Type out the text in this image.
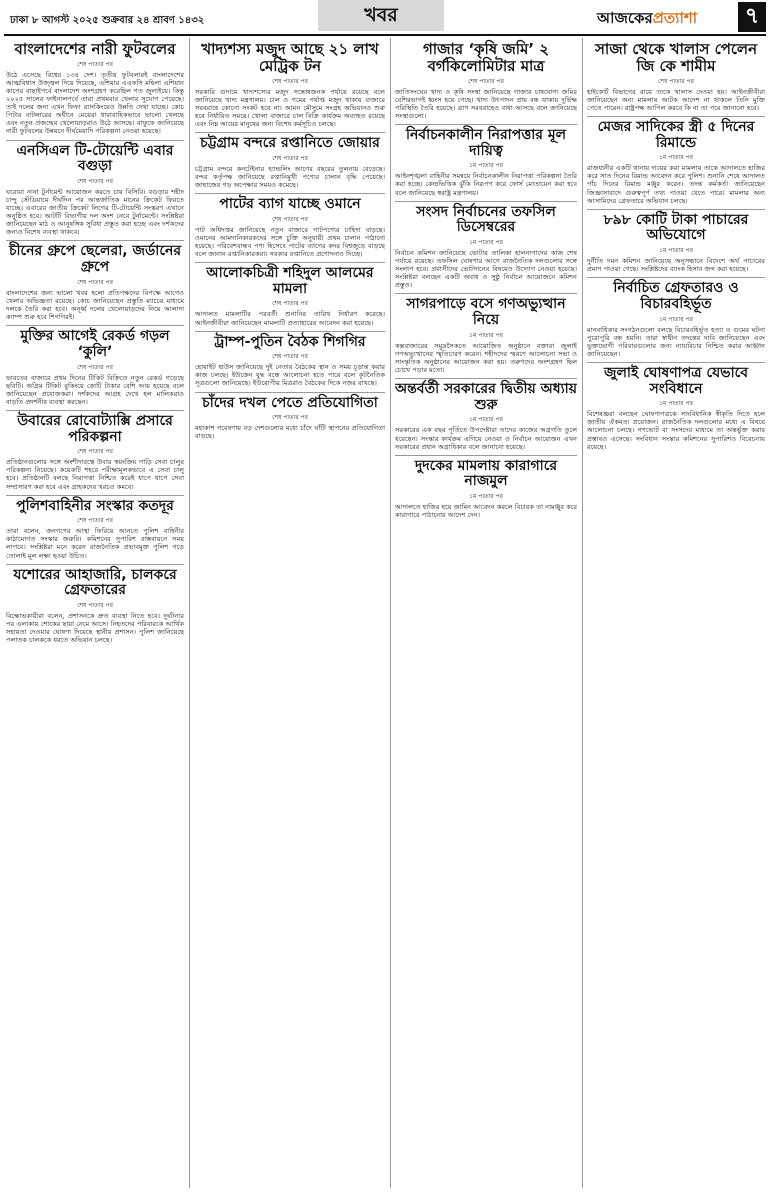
ঢাকা ৮ আগস্ট ২০২৫ শুক্রবার ২৪ শ্রাবণ ১৪৩২	খবর	আজকেরপ্রত্যাশা	৭
বাংলাদেশের নারী ফুটবলের
শেষ পাতার পর
উঠে এসেছে বিশ্বের ১৩৪ দেশ। তৃতীয় ফুটবলারই বাংলাদেশের আত্মবিশ্বাস উজ্জ্বল দিয়ে দিয়েছে, এশিয়ার এএফসি মহিলা এশিয়ান কাপের বাছাইপর্বে বাংলাদেশ অংশগ্রহণ করেছিল গত জুলাইয়ে। কিন্তু ২০২৫ সালের ফাইনালপর্বে তারা প্রথমবার খেলার সুযোগ পেয়েছে। তাই দলের জন্য এখন ফিফা র‍্যাংকিংয়েও উন্নতি দেখা যাচ্ছে। কোচ পিটার বাটলারের অধীনে মেয়েরা ধারাবাহিকভাবে ভালো খেলছে এবং নতুন প্রজন্মের খেলোয়াড়রাও উঠে আসছে। বাফুফে জানিয়েছে নারী ফুটবলের উন্নয়নে দীর্ঘমেয়াদি পরিকল্পনা নেওয়া হয়েছে।
এনসিএল টি-টোয়েন্টি এবার বগুড়া
শেষ পাতার পর
ঘরোয়া নানা টুর্নামেন্ট আয়োজন করতে চায় বিসিবি। বগুড়ার শহীদ চান্দু স্টেডিয়ামে দীর্ঘদিন পর আন্তর্জাতিক মানের ক্রিকেট ফিরতে যাচ্ছে। এবারের জাতীয় ক্রিকেট লিগের টি-টোয়েন্টি সংস্করণ এখানে অনুষ্ঠিত হবে। আটটি বিভাগীয় দল অংশ নেবে টুর্নামেন্টে। সংশ্লিষ্টরা জানিয়েছেন মাঠ ও আনুষঙ্গিক সুবিধা প্রস্তুত করা হচ্ছে এবং দর্শকদের জন্যও বিশেষ ব্যবস্থা থাকবে।
চীনের গ্রুপে ছেলেরা, জর্ডানের গ্রুপে
শেষ পাতার পর
বাংলাদেশের জন্য ভালো খবর হলো প্রতিপক্ষদের বিপক্ষে আগেও খেলার অভিজ্ঞতা রয়েছে। কোচ জানিয়েছেন প্রস্তুতি ম্যাচের মাধ্যমে দলকে তৈরি করা হবে। অনূর্ধ্ব দলের খেলোয়াড়দের নিয়ে আলাদা ক্যাম্প শুরু হবে শিগগিরই।
মুক্তির আগেই রেকর্ড গড়ল ‘কুলি’
শেষ পাতার পর
ভারতের বাজারে প্রথম দিনের টিকিট বিক্রিতে নতুন রেকর্ড গড়েছে ছবিটি। অগ্রিম টিকিট বুকিংয়ে কোটি টাকার বেশি আয় হয়েছে বলে জানিয়েছেন প্রযোজকরা। দর্শকদের আগ্রহ দেখে হল মালিকরাও বাড়তি প্রদর্শনীর ব্যবস্থা করছেন।
উবারের রোবোট্যাক্সি প্রসারে পরিকল্পনা
শেষ পাতার পর
প্রতিষ্ঠানগুলোর সঙ্গে অংশীদারত্বে উবার স্বয়ংক্রিয় গাড়ি সেবা চালুর পরিকল্পনা নিয়েছে। কয়েকটি শহরে পরীক্ষামূলকভাবে এ সেবা চালু হবে। প্রতিষ্ঠানটি বলছে নিরাপত্তা নিশ্চিত করেই ধাপে ধাপে সেবা সম্প্রসারণ করা হবে এবং গ্রাহকদের খরচও কমবে।
পুলিশবাহিনীর সংস্কার কতদূর
শেষ পাতার পর
তারা বলেন, জনগণের আস্থা ফিরিয়ে আনতে পুলিশ বাহিনীর কাঠামোগত সংস্কার জরুরি। কমিশনের সুপারিশ বাস্তবায়নে সময় লাগবে। সংশ্লিষ্টরা মনে করেন রাজনৈতিক প্রভাবমুক্ত পুলিশ গড়ে তোলাই মূল লক্ষ্য হওয়া উচিত।
যশোরের আহাজারি, চালকরে গ্রেফতারের
শেষ পাতার পর
বিক্ষোভকারীরা বলেন, প্রশাসনকে দ্রুত ব্যবস্থা নিতে হবে। দুর্ঘটনার পর এলাকায় শোকের ছায়া নেমে আসে। নিহতদের পরিবারকে আর্থিক সহায়তা দেওয়ার ঘোষণা দিয়েছে স্থানীয় প্রশাসন। পুলিশ জানিয়েছে পলাতক চালককে ধরতে অভিযান চলছে।
খাদ্যশস্য মজুদ আছে ২১ লাখ মেট্রিক টন
শেষ পাতার পর
সরকারি গুদামে খাদ্যশস্যের মজুদ সন্তোষজনক পর্যায়ে রয়েছে বলে জানিয়েছে খাদ্য মন্ত্রণালয়। চাল ও গমের পর্যাপ্ত মজুদ থাকায় বাজারে সরবরাহে কোনো সংকট হবে না। আমন মৌসুমে সংগ্রহ অভিযানও শুরু হবে নির্ধারিত সময়ে। খোলা বাজারে চাল বিক্রি কার্যক্রম অব্যাহত রয়েছে এবং নিম্ন আয়ের মানুষের জন্য বিশেষ কর্মসূচিও চলছে।
চট্টগ্রাম বন্দরে রপ্তানিতে জোয়ার
শেষ পাতার পর
চট্টগ্রাম বন্দরে কনটেইনার হ্যান্ডলিং আগের বছরের তুলনায় বেড়েছে। বন্দর কর্তৃপক্ষ জানিয়েছে রপ্তানিমুখী পণ্যের চালান বৃদ্ধি পেয়েছে। জাহাজের গড় অপেক্ষার সময়ও কমেছে।
পাটের ব্যাগ যাচ্ছে ওমানে
শেষ পাতার পর
পাট অধিদপ্তর জানিয়েছে নতুন বাজারে পাটপণ্যের চাহিদা বাড়ছে। ওমানের আমদানিকারকদের সঙ্গে চুক্তি অনুযায়ী প্রথম চালান পাঠানো হয়েছে। পরিবেশবান্ধব পণ্য হিসেবে পাটের ব্যাগের কদর বিশ্বজুড়ে বাড়ছে বলে জানান রপ্তানিকারকরা। সরকার রপ্তানিতে প্রণোদনাও দিচ্ছে।
আলোকচিত্রী শহিদুল আলমের মামলা
শেষ পাতার পর
আদালত মামলাটির পরবর্তী শুনানির তারিখ নির্ধারণ করেছে। আইনজীবীরা জানিয়েছেন মামলাটি প্রত্যাহারের আবেদন করা হয়েছে।
ট্রাম্প-পুতিন বৈঠক শিগগির
শেষ পাতার পর
হোয়াইট হাউস জানিয়েছে দুই নেতার বৈঠকের স্থান ও সময় চূড়ান্ত করার কাজ চলছে। ইউক্রেন যুদ্ধ বন্ধে আলোচনা হতে পারে বলে কূটনৈতিক সূত্রগুলো জানিয়েছে। ইউরোপীয় মিত্ররাও বৈঠকের দিকে নজর রাখছে।
চাঁদের দখল পেতে প্রতিযোগিতা
শেষ পাতার পর
মহাকাশ গবেষণায় বড় দেশগুলোর মধ্যে চাঁদে ঘাঁটি স্থাপনের প্রতিযোগিতা বাড়ছে।
গাজার ‘কৃষি জমি’ ২ বর্গকিলোমিটার মাত্র
শেষ পাতার পর
জাতিসংঘের খাদ্য ও কৃষি সংস্থা জানিয়েছে গাজার চাষযোগ্য জমির বেশিরভাগই ধ্বংস হয়ে গেছে। খাদ্য উৎপাদন প্রায় বন্ধ থাকায় দুর্ভিক্ষ পরিস্থিতি তৈরি হয়েছে। ত্রাণ সরবরাহেও বাধা আসছে বলে জানিয়েছে সংস্থাগুলো।
নির্বাচনকালীন নিরাপত্তার মূল দায়িত্ব
১ম পাতার পর
আইনশৃঙ্খলা বাহিনীর সমন্বয়ে নির্বাচনকালীন নিরাপত্তা পরিকল্পনা তৈরি করা হচ্ছে। কেন্দ্রভিত্তিক ঝুঁকি নিরূপণ করে ফোর্স মোতায়েন করা হবে বলে জানিয়েছে স্বরাষ্ট্র মন্ত্রণালয়।
সংসদ নির্বাচনের তফসিল ডিসেম্বরের
১ম পাতার পর
নির্বাচন কমিশন জানিয়েছে ভোটার তালিকা হালনাগাদের কাজ শেষ পর্যায়ে রয়েছে। তফসিল ঘোষণার আগে রাজনৈতিক দলগুলোর সঙ্গে সংলাপ হবে। প্রবাসীদের ভোটদানের বিষয়েও উদ্যোগ নেওয়া হয়েছে। সংশ্লিষ্টরা বলছেন একটি অবাধ ও সুষ্ঠু নির্বাচন আয়োজনে কমিশন প্রস্তুত।
সাগরপাড়ে বসে গণঅভ্যুত্থান নিয়ে
১ম পাতার পর
কক্সবাজারের সমুদ্রসৈকতে আয়োজিত অনুষ্ঠানে বক্তারা জুলাই গণঅভ্যুত্থানের স্মৃতিচারণ করেন। শহীদদের স্মরণে আলোচনা সভা ও সাংস্কৃতিক অনুষ্ঠানের আয়োজন করা হয়। তরুণদের অংশগ্রহণ ছিল চোখে পড়ার মতো।
অন্তর্বর্তী সরকারের দ্বিতীয় অধ্যায় শুরু
১ম পাতার পর
সরকারের এক বছর পূর্তিতে উপদেষ্টারা তাদের কাজের অগ্রগতি তুলে ধরেছেন। সংস্কার কার্যক্রম এগিয়ে নেওয়া ও নির্বাচন আয়োজন এখন সরকারের প্রধান অগ্রাধিকার বলে জানানো হয়েছে।
দুদকের মামলায় কারাগারে নাজমুল
১ম পাতার পর
আদালতে হাজির হয়ে জামিন আবেদন করলে বিচারক তা নামঞ্জুর করে কারাগারে পাঠানোর আদেশ দেন।
সাজা থেকে খালাস পেলেন জি কে শামীম
শেষ পাতার পর
হাইকোর্ট বিভাগের রায়ে তাকে খালাস দেওয়া হয়। আইনজীবীরা জানিয়েছেন অন্য মামলায় আটক আদেশ না থাকলে তিনি মুক্তি পেতে পারেন। রাষ্ট্রপক্ষ আপিল করবে কি না তা পরে জানানো হবে।
মেজর সাদিকের স্ত্রী ৫ দিনের রিমান্ডে
১ম পাতার পর
রাজধানীর একটি থানায় দায়ের করা মামলায় তাকে আদালতে হাজির করে সাত দিনের রিমান্ড আবেদন করে পুলিশ। শুনানি শেষে আদালত পাঁচ দিনের রিমান্ড মঞ্জুর করেন। তদন্ত কর্মকর্তা জানিয়েছেন জিজ্ঞাসাবাদে গুরুত্বপূর্ণ তথ্য পাওয়া যেতে পারে। মামলার অন্য আসামিদের গ্রেফতারে অভিযান চলছে।
৮৯৮ কোটি টাকা পাচারের অভিযোগে
১ম পাতার পর
দুর্নীতি দমন কমিশন জানিয়েছে অনুসন্ধানে বিদেশে অর্থ পাচারের প্রমাণ পাওয়া গেছে। সংশ্লিষ্টদের ব্যাংক হিসাব জব্দ করা হয়েছে।
নির্বাচিত গ্রেফতারও ও বিচারবহির্ভূত
১ম পাতার পর
মানবাধিকার সংগঠনগুলো বলছে বিচারবহির্ভূত হত্যা ও গুমের ঘটনা পুরোপুরি বন্ধ হয়নি। তারা স্বাধীন তদন্তের দাবি জানিয়েছেন এবং ভুক্তভোগী পরিবারগুলোর জন্য ন্যায়বিচার নিশ্চিত করার আহ্বান জানিয়েছেন।
জুলাই ঘোষণাপত্র যেভাবে সংবিধানে
১ম পাতার পর
বিশেষজ্ঞরা বলছেন ঘোষণাপত্রকে সাংবিধানিক স্বীকৃতি দিতে হলে জাতীয় ঐকমত্য প্রয়োজন। রাজনৈতিক দলগুলোর মধ্যে এ বিষয়ে আলোচনা চলছে। গণভোট বা সংসদের মাধ্যমে তা অন্তর্ভুক্ত করার প্রস্তাবও এসেছে। সংবিধান সংস্কার কমিশনের সুপারিশও বিবেচনায় রয়েছে।
